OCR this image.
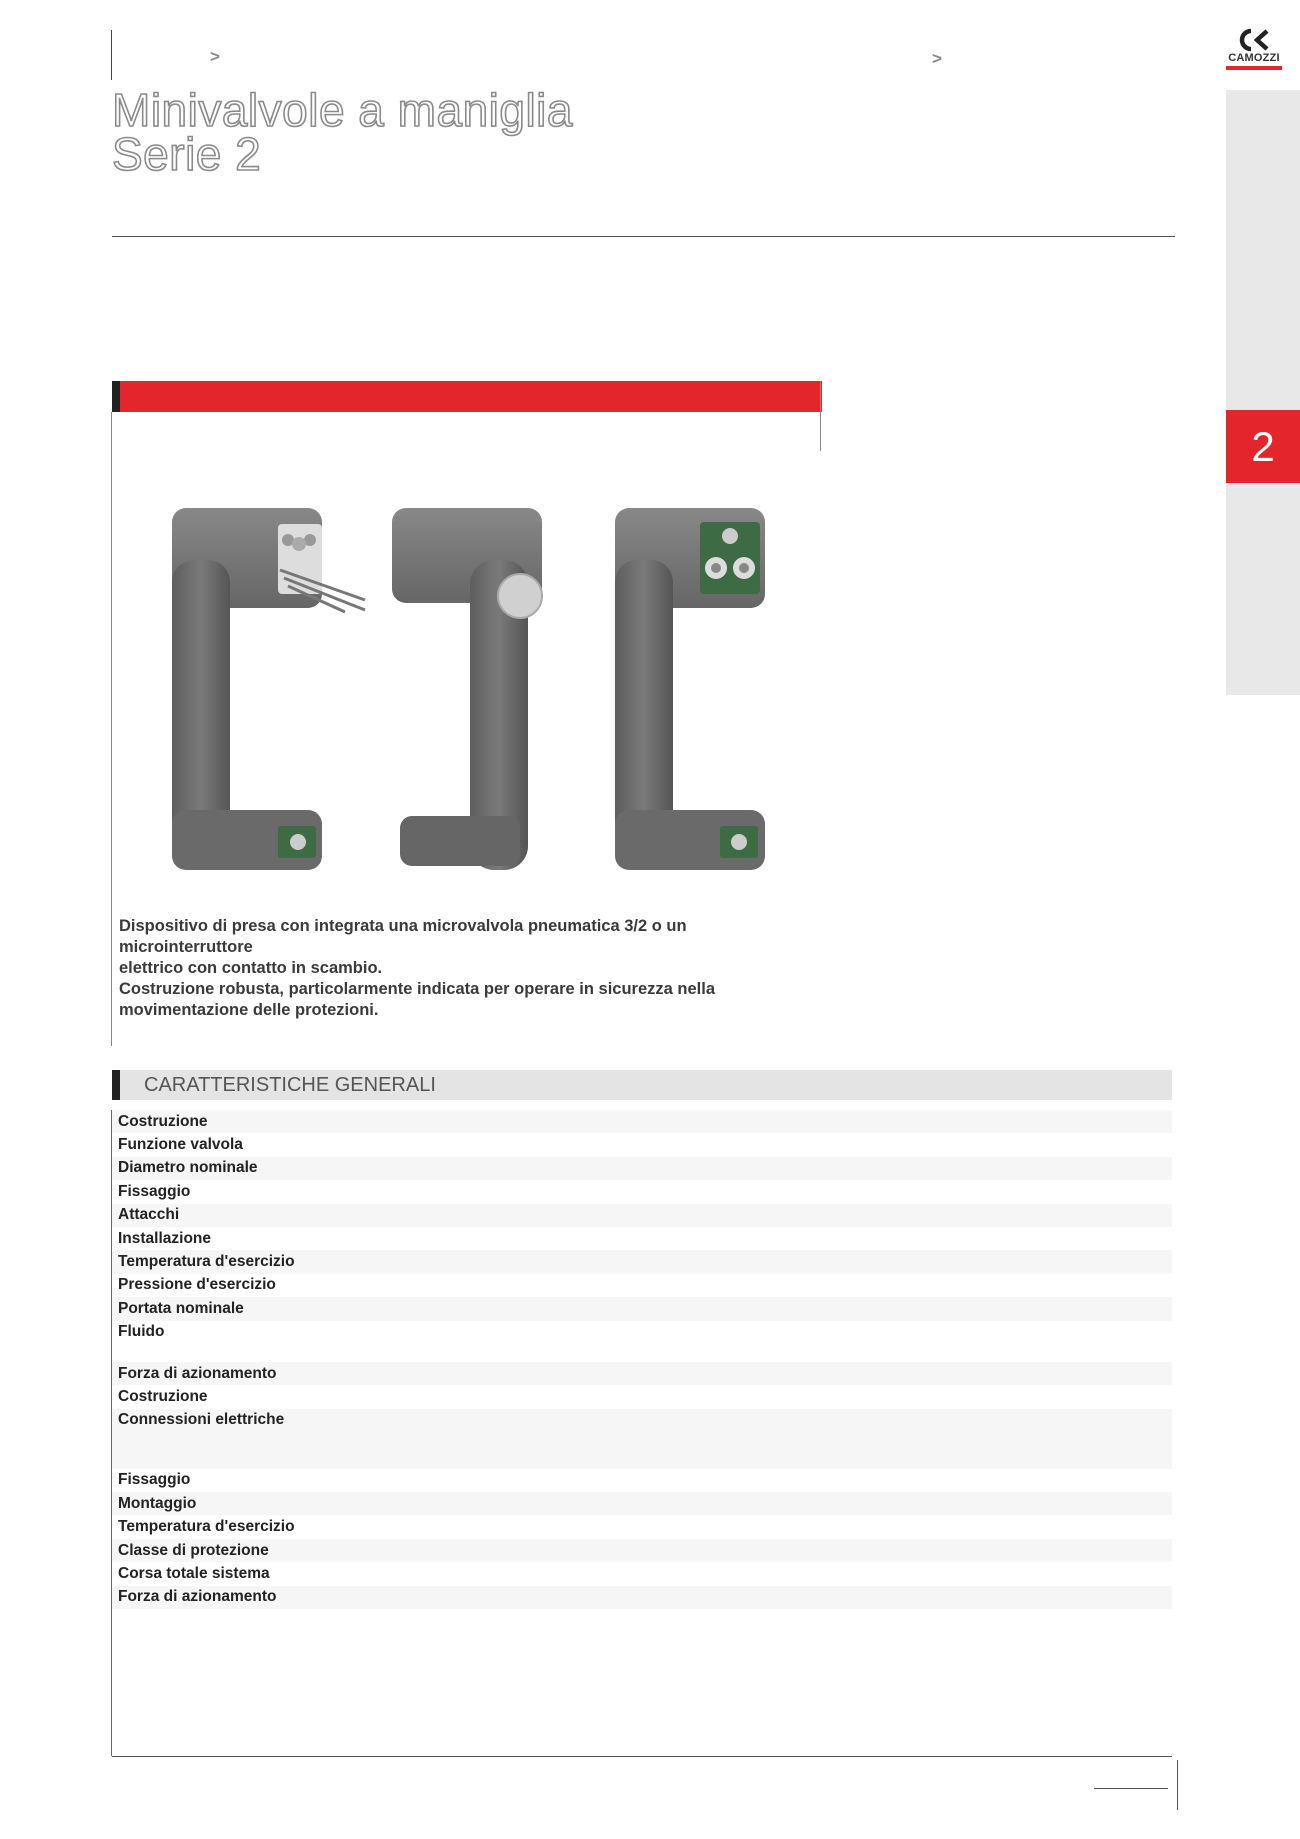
>	>
Minivalvole a maniglia
Serie 2
CAMOZZI
2

Dispositivo di presa con integrata una microvalvola pneumatica 3/2 o un microinterruttore
elettrico con contatto in scambio.
Costruzione robusta, particolarmente indicata per operare in sicurezza nella
movimentazione delle protezioni.

CARATTERISTICHE GENERALI
Costruzione
Funzione valvola
Diametro nominale
Fissaggio
Attacchi
Installazione
Temperatura d'esercizio
Pressione d'esercizio
Portata nominale
Fluido
Forza di azionamento
Costruzione
Connessioni elettriche
Fissaggio
Montaggio
Temperatura d'esercizio
Classe di protezione
Corsa totale sistema
Forza di azionamento
